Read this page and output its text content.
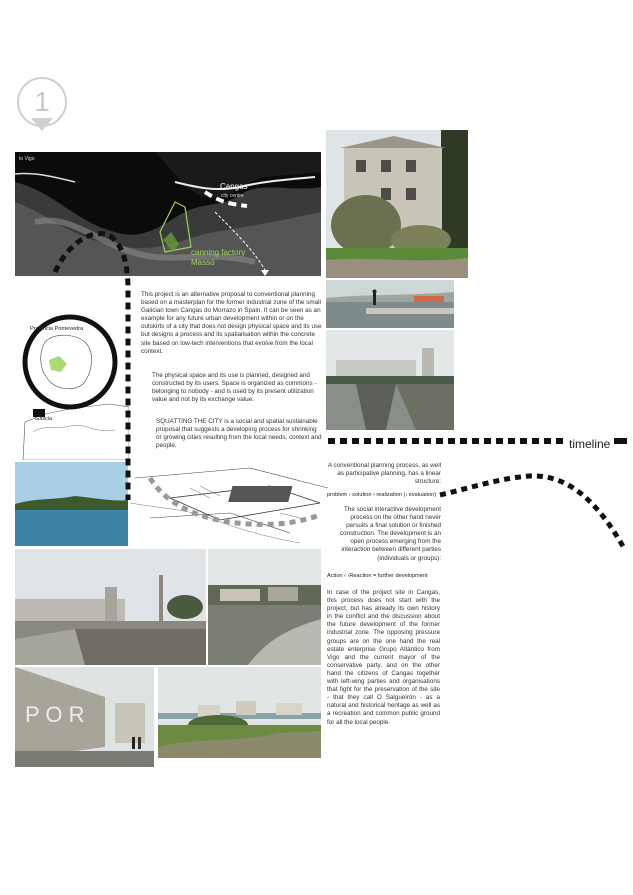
1
Cangas
city centre
canning factory
Massó
to Vigo
Provincia Pontevedra
Galicia
P O R
timeline
This project is an alternative proposal to conventional planning based on a masterplan for the former industrial zone of the small Galician town Cangas do Morrazo in Spain. It can be seen as an example for any future urban development within or on the outskirts of a city that does not design physical space and its use but designs a process and its spatialisation within the concrete site based on low-tech interventions that evolve from the local context.
The physical space and its use is planned, designed and constructed by its users. Space is organized as commons - belonging to nobody - and is used by its present utilization value and not by its exchange value.
SQUATTING THE CITY is a social and spatial sustainable proposal that suggests a developing process for shrinking or growing cities resulting from the local needs, context and people.
A conventional planning process, as well as participative planning, has a linear structure:
problem › solution › realization (› evaluation)
The social interactive development process on the other hand never persuits a final solution or finished construction. The development is an open process emerging from the interaction between different parties (individuals or groups):
Action ‹ ›Reaction = further development
In case of the project site in Cangas, this process does not start with the project, but has already its own history in the conflict and the discussion about the future development of the former industrial zone. The opposing pressure groups are on the one hand the real estate enterprise Grupo Atlántico from Vigo and the current mayor of the conservative party, and on the other hand the citizens of Cangas together with left-wing parties and organisations that fight for the preservation of the site - that they call O Salgueirón - as a natural and historical heritage as well as a recreation and common public ground for all the local people.
